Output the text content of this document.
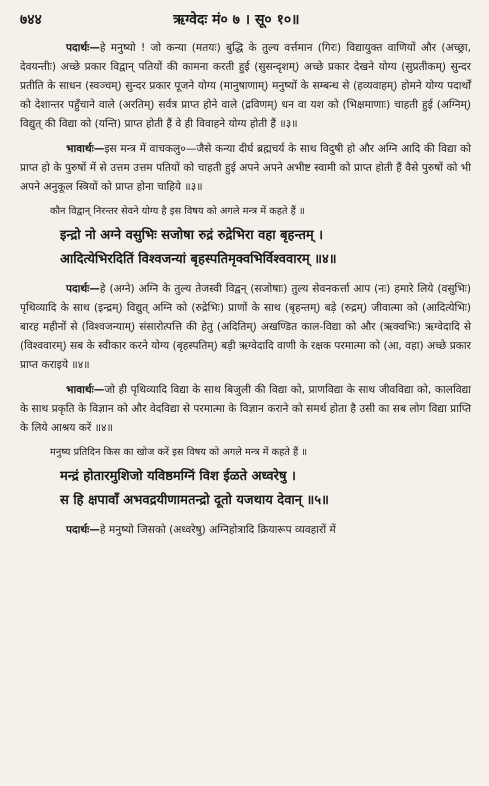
७४४	ऋग्वेदः मं० ७ । सू० १०॥

पदार्थः—हे मनुष्यो ! जो कन्या (मतयः) बुद्धि के तुल्य वर्त्तमान (गिरः) विद्यायुक्त वाणियों और (अच्छ्रा, देवयन्तीः) अच्छे प्रकार विद्वान् पतियों की कामना करती हुई (सुसन्दृशम्) अच्छे प्रकार देखने योग्य (सुप्रतीकम्) सुन्दर प्रतीति के साधन (स्वञ्चम्) सुन्दर प्रकार पूजने योग्य (मानुषाणाम्) मनुष्यों के सम्बन्ध से (हव्यवाहम्) होमने योग्य पदार्थों को देशान्तर पहुँचाने वाले (अरतिम्) सर्वत्र प्राप्त होने वाले (द्रविणम्) धन वा यश को (भिक्षमाणाः) चाहती हुई (अग्निम्) विद्युत् की विद्या को (यन्ति) प्राप्त होती हैं वे ही विवाहने योग्य होती हैं ॥३॥

भावार्थः—इस मन्त्र में वाचकलु०—जैसे कन्या दीर्घ ब्रह्मचर्य के साथ विदुषी हो और अग्नि आदि की विद्या को प्राप्त हो के पुरुषों में से उत्तम उत्तम पतियों को चाहती हुई अपने अपने अभीष्ट स्वामी को प्राप्त होती हैं वैसे पुरुषों को भी अपने अनुकूल स्त्रियों को प्राप्त होना चाहिये ॥३॥

कौन विद्वान् निरन्तर सेवने योग्य है इस विषय को अगले मन्त्र में कहते हैं ॥

इन्द्रो नो अग्ने वसुभिः सजोषा रुद्रं रुद्रेभिरा वहा बृहन्तम् ।

आदित्येभिरदितिं विश्वजन्यां बृहस्पतिमृक्वभिर्विश्ववारम् ॥४॥

पदार्थः—हे (अग्ने) अग्नि के तुल्य तेजस्वी विद्वन् (सजोषाः) तुल्य सेवनकर्त्ता आप (नः) हमारे लिये (वसुभिः) पृथिव्यादि के साथ (इन्द्रम्) विद्युत् अग्नि को (रुद्रेभिः) प्राणों के साथ (बृहन्तम्) बड़े (रुद्रम्) जीवात्मा को (आदित्येभिः) बारह महीनों से (विश्वजन्याम्) संसारोत्पत्ति की हेतु (अदितिम्) अखण्डित काल-विद्या को और (ऋक्वभिः) ऋग्वेदादि से (विश्ववारम्) सब के स्वीकार करने योग्य (बृहस्पतिम्) बड़ी ऋग्वेदादि वाणी के रक्षक परमात्मा को (आ, वहा) अच्छे प्रकार प्राप्त कराइये ॥४॥

भावार्थः—जो ही पृथिव्यादि विद्या के साथ बिजुली की विद्या को, प्राणविद्या के साथ जीवविद्या को, कालविद्या के साथ प्रकृति के विज्ञान को और वेदविद्या से परमात्मा के विज्ञान कराने को समर्थ होता है उसी का सब लोग विद्या प्राप्ति के लिये आश्रय करें ॥४॥

मनुष्य प्रतिदिन किस का खोज करें इस विषय को अगले मन्त्र में कहते हैं ॥

मन्द्रं होतारमुशिजो यविष्ठमग्निं विश ईळते अध्वरेषु ।

स हि क्षपावाँ अभवद्रयीणामतन्द्रो दूतो यजथाय देवान् ॥५॥

पदार्थः—हे मनुष्यो जिसको (अध्वरेषु) अग्निहोत्रादि क्रियारूप व्यवहारों में
